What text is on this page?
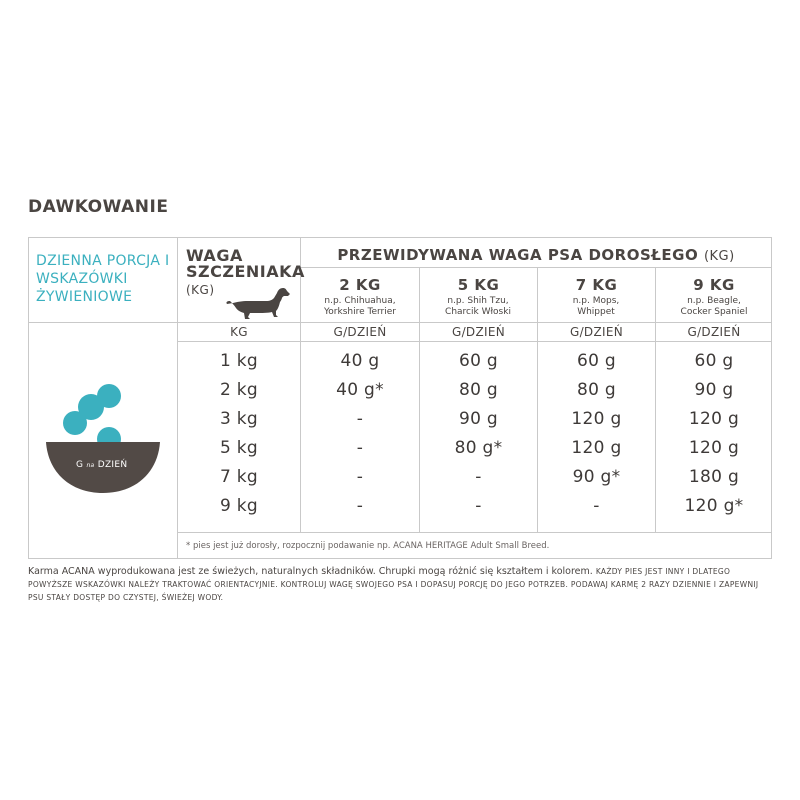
DAWKOWANIE
DZIENNA PORCJA I WSKAZÓWKI ŻYWIENIOWE
WAGA SZCZENIAKA
(KG)
PRZEWIDYWANA WAGA PSA DOROSŁEGO (KG)
2 KG
n.p. Chihuahua, Yorkshire Terrier
5 KG
n.p. Shih Tzu, Charcik Włoski
7 KG
n.p. Mops, Whippet
9 KG
n.p. Beagle, Cocker Spaniel
KG	G/DZIEŃ	G/DZIEŃ	G/DZIEŃ	G/DZIEŃ
G na DZIEŃ
1 kg	40 g	60 g	60 g	60 g
2 kg	40 g*	80 g	80 g	90 g
3 kg	-	90 g	120 g	120 g
5 kg	-	80 g*	120 g	120 g
7 kg	-	-	90 g*	180 g
9 kg	-	-	-	120 g*
* pies jest już dorosły, rozpocznij podawanie np. ACANA HERITAGE Adult Small Breed.
Karma ACANA wyprodukowana jest ze świeżych, naturalnych składników. Chrupki mogą różnić się kształtem i kolorem. KAŻDY PIES JEST INNY I DLATEGO POWYŻSZE WSKAZÓWKI NALEŻY TRAKTOWAĆ ORIENTACYJNIE. KONTROLUJ WAGĘ SWOJEGO PSA I DOPASUJ PORCJĘ DO JEGO POTRZEB. PODAWAJ KARMĘ 2 RAZY DZIENNIE I ZAPEWNIJ PSU STAŁY DOSTĘP DO CZYSTEJ, ŚWIEŻEJ WODY.
